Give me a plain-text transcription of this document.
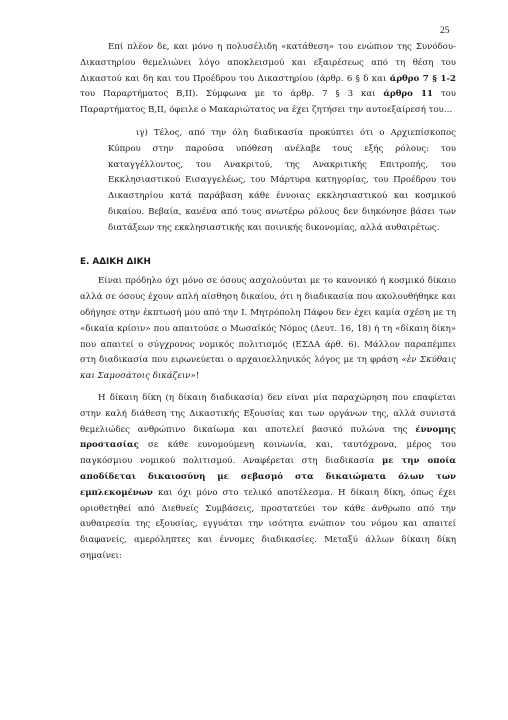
25

Επί πλέον δε, και μόνο η πολυσέλιδη «κατάθεση» του ενώπιον της Συνόδου-Δικαστηρίου θεμελιώνει λόγο αποκλεισμού και εξαιρέσεως από τη θέση του Δικαστού και δη και του Προέδρου του Δικαστηρίου (άρθρ. 6 § δ και άρθρο 7 § 1-2 του Παραρτήματος Β,ΙΙ). Σύμφωνα με το άρθρ. 7 § 3 και άρθρο 11 του Παραρτήματος Β,ΙΙ, όφειλε ο Μακαριώτατος να έχει ζητήσει την αυτοεξαίρεσή του…

ιγ) Τέλος, από την όλη διαδικασία προκύπτει ότι ο Αρχιεπίσκοπος Κύπρου στην παρούσα υπόθεση ανέλαβε τους εξής ρόλους: του καταγγέλλοντος, του Ανακριτού, της Ανακριτικής Επιτροπής, του Εκκλησιαστικού Εισαγγελέως, του Μάρτυρα κατηγορίας, του Προέδρου του Δικαστηρίου κατά παράβαση κάθε έννοιας εκκλησιαστικού και κοσμικού δικαίου. Βεβαία, κανένα από τους ανωτέρω ρόλους δεν διηκόνησε βάσει των διατάξεων της εκκλησιαστικής και ποινικής δικονομίας, αλλά αυθαιρέτως.

Ε. ΑΔΙΚΗ ΔΙΚΗ

Είναι πρόδηλο όχι μόνο σε όσους ασχολούνται με το κανονικό ή κοσμικό δίκαιο αλλά σε όσους έχουν απλή αίσθηση δικαίου, ότι η διαδικασία που ακολουθήθηκε και οδήγησε στην έκπτωσή μου από την Ι. Μητρόπολη Πάφου δεν έχει καμία σχέση με τη «δικαία κρίσιν» που απαιτούσε ο Μωσαϊκός Νόμος (Δευτ. 16, 18) ή τη «δίκαιη δίκη» που απαιτεί ο σύγχρονος νομικός πολιτισμός (ΕΣΔΑ άρθ. 6). Μάλλον παραπέμπει στη διαδικασία που ειρωνεύεται ο αρχαιοελληνικός λόγος με τη φράση «ἐν Σκύθαις και Σαμοσάτοις δικάζειν»!

Η δίκαιη δίκη (η δίκαιη διαδικασία) δεν είναι μία παραχώρηση που επαφίεται στην καλή διάθεση της Δικαστικής Εξουσίας και των οργάνων της, αλλά συνιστά θεμελιώδες ανθρώπινο δικαίωμα και αποτελεί βασικό πυλώνα της έννομης προστασίας σε κάθε ευνομούμενη κοινωνία, και, ταυτόχρονα, μέρος του παγκόσμιου νομικού πολιτισμού. Αναφέρεται στη διαδικασία με την οποία αποδίδεται δικαιοσύνη με σεβασμό στα δικαιώματα όλων των εμπλεκομένων και όχι μόνο στο τελικό αποτέλεσμα. Η δίκαιη δίκη, όπως έχει οριοθετηθεί από Διεθνείς Συμβάσεις, προστατεύει τον κάθε άνθρωπο από την αυθαιρεσία της εξουσίας, εγγυάται την ισότητα ενώπιον του νόμου και απαιτεί διαφανείς, αμερόληπτες και έννομες διαδικασίες. Μεταξύ άλλων δίκαιη δίκη σημαίνει:
